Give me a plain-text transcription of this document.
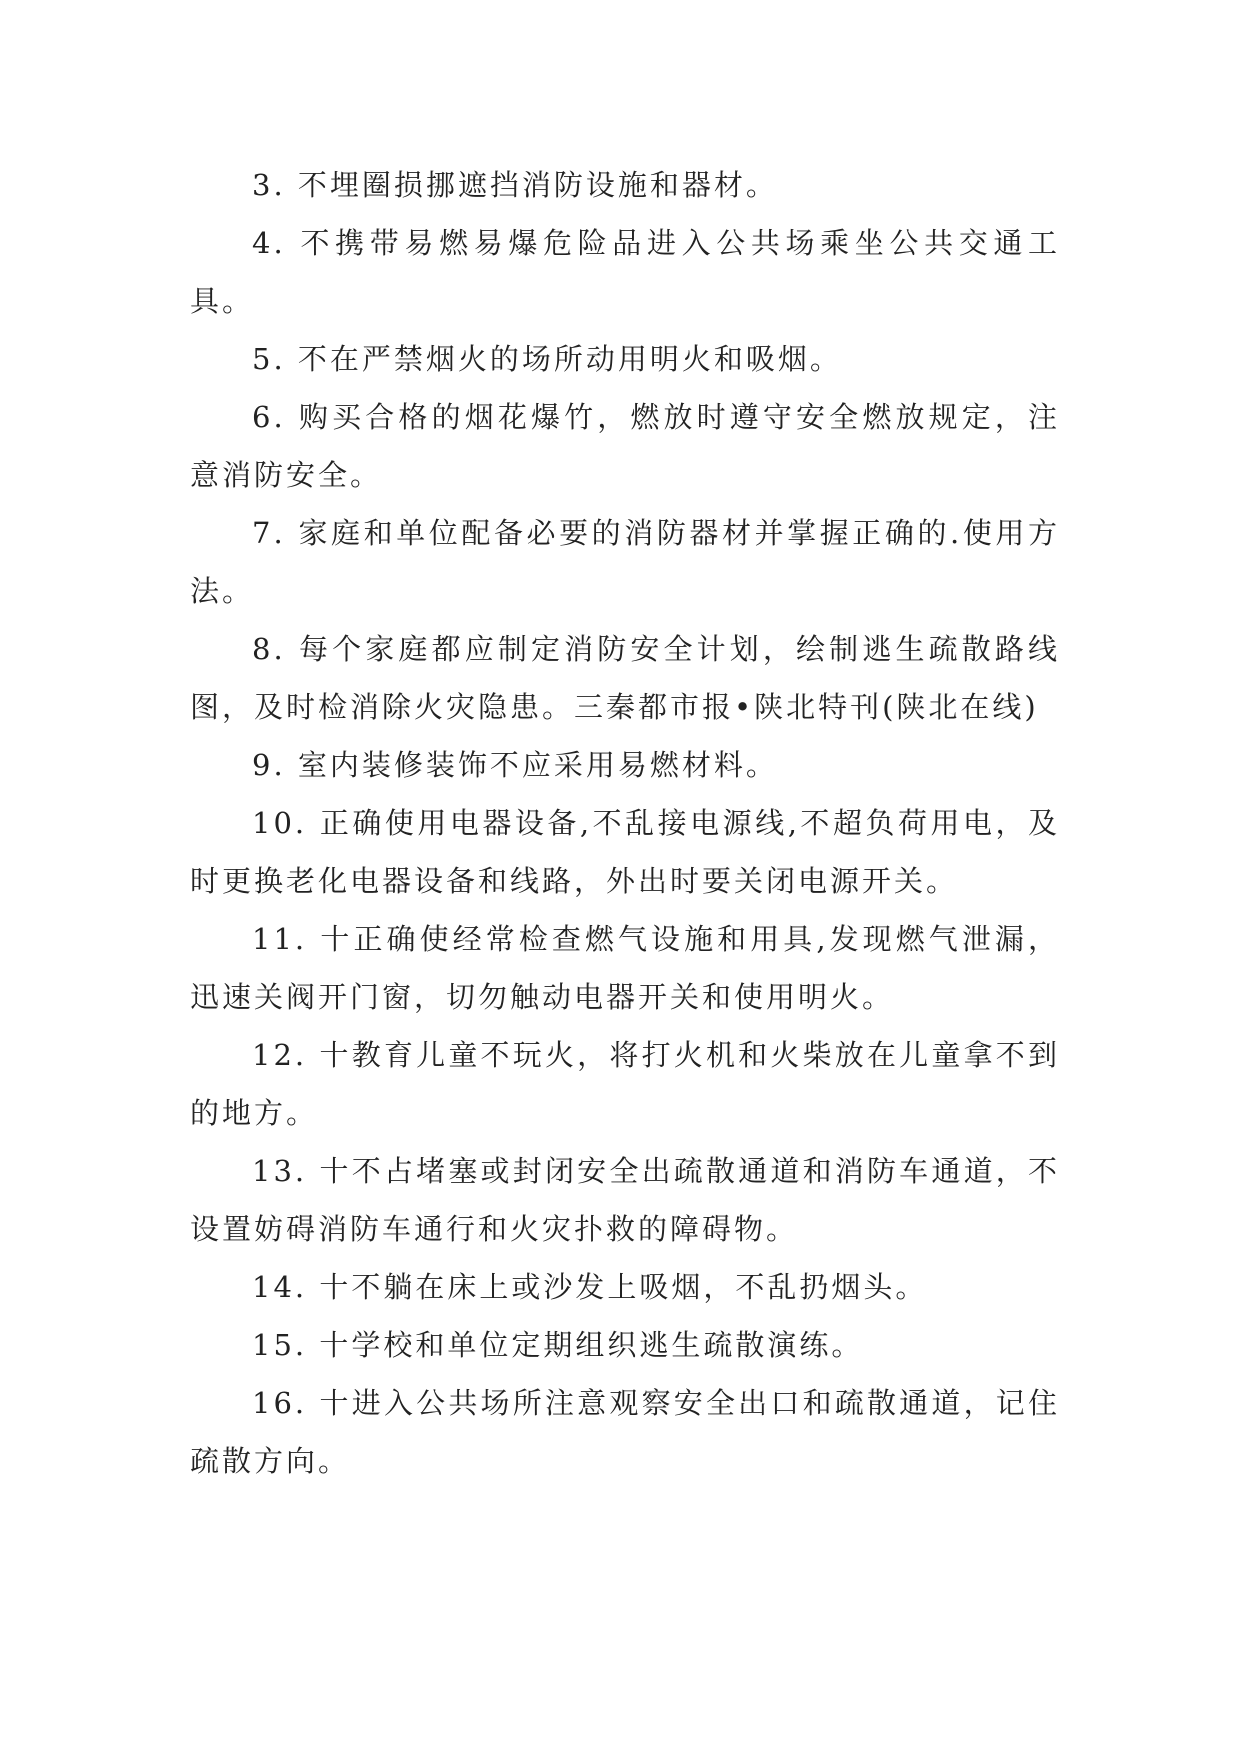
3. 不埋圈损挪遮挡消防设施和器材。

4. 不携带易燃易爆危险品进入公共场乘坐公共交通工具。

5. 不在严禁烟火的场所动用明火和吸烟。

6. 购买合格的烟花爆竹，燃放时遵守安全燃放规定，注意消防安全。

7. 家庭和单位配备必要的消防器材并掌握正确的.使用方法。

8. 每个家庭都应制定消防安全计划，绘制逃生疏散路线图，及时检消除火灾隐患。三秦都市报•陕北特刊(陕北在线)

9. 室内装修装饰不应采用易燃材料。

10. 正确使用电器设备,不乱接电源线,不超负荷用电，及时更换老化电器设备和线路，外出时要关闭电源开关。

11. 十正确使经常检查燃气设施和用具,发现燃气泄漏，迅速关阀开门窗，切勿触动电器开关和使用明火。

12. 十教育儿童不玩火，将打火机和火柴放在儿童拿不到的地方。

13. 十不占堵塞或封闭安全出疏散通道和消防车通道，不设置妨碍消防车通行和火灾扑救的障碍物。

14. 十不躺在床上或沙发上吸烟，不乱扔烟头。

15. 十学校和单位定期组织逃生疏散演练。

16. 十进入公共场所注意观察安全出口和疏散通道，记住疏散方向。
